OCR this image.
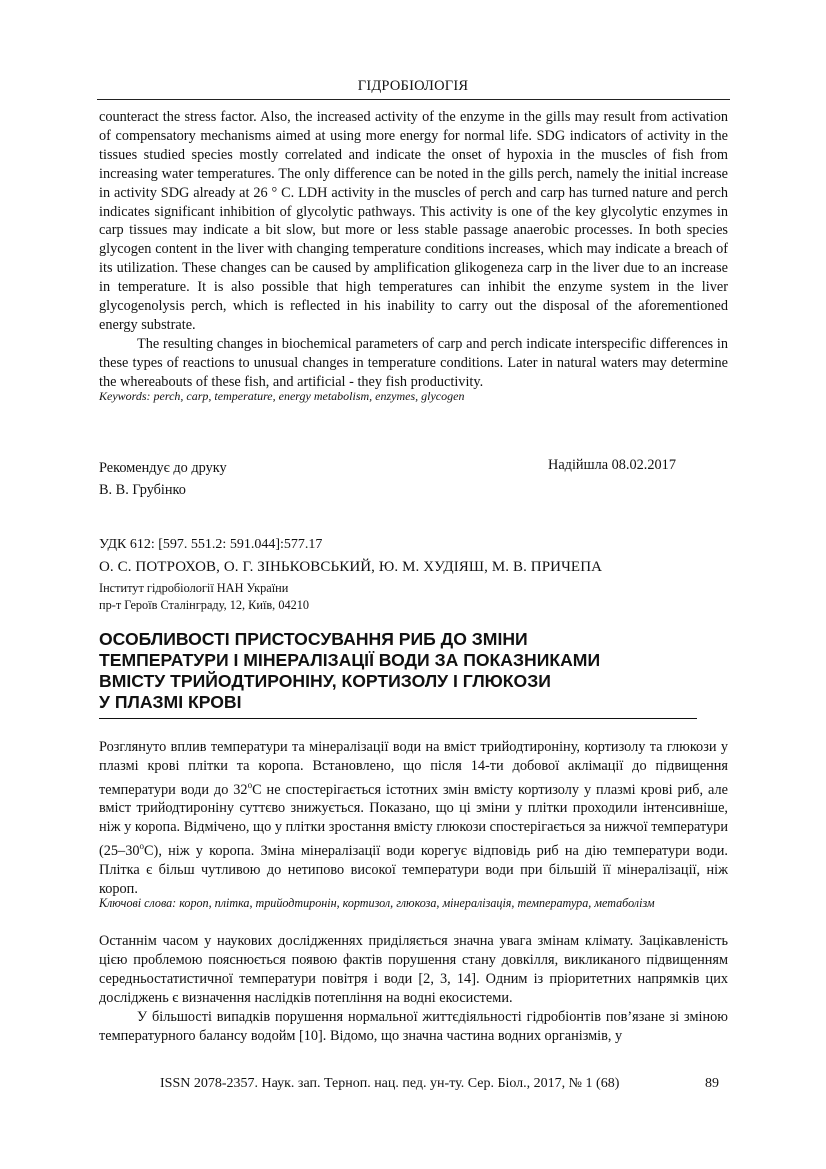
ГІДРОБІОЛОГІЯ

counteract the stress factor. Also, the increased activity of the enzyme in the gills may result from activation of compensatory mechanisms aimed at using more energy for normal life. SDG indicators of activity in the tissues studied species mostly correlated and indicate the onset of hypoxia in the muscles of fish from increasing water temperatures. The only difference can be noted in the gills perch, namely the initial increase in activity SDG already at 26 ° C. LDH activity in the muscles of perch and carp has turned nature and perch indicates significant inhibition of glycolytic pathways. This activity is one of the key glycolytic enzymes in carp tissues may indicate a bit slow, but more or less stable passage anaerobic processes. In both species glycogen content in the liver with changing temperature conditions increases, which may indicate a breach of its utilization. These changes can be caused by amplification glikogeneza carp in the liver due to an increase in temperature. It is also possible that high temperatures can inhibit the enzyme system in the liver glycogenolysis perch, which is reflected in his inability to carry out the disposal of the aforementioned energy substrate.

The resulting changes in biochemical parameters of carp and perch indicate interspecific differences in these types of reactions to unusual changes in temperature conditions. Later in natural waters may determine the whereabouts of these fish, and artificial - they fish productivity.

Keywords: perch, carp, temperature, energy metabolism, enzymes, glycogen
Рекомендує до друку
В. В. Грубінко
Надійшла 08.02.2017
УДК 612: [597. 551.2: 591.044]:577.17
О. С. ПОТРОХОВ, О. Г. ЗІНЬКОВСЬКИЙ, Ю. М. ХУДІЯШ, М. В. ПРИЧЕПА
Інститут гідробіології НАН України
пр-т Героїв Сталінграду, 12, Київ, 04210
ОСОБЛИВОСТІ ПРИСТОСУВАННЯ РИБ ДО ЗМІНИ
ТЕМПЕРАТУРИ І МІНЕРАЛІЗАЦІЇ ВОДИ ЗА ПОКАЗНИКАМИ
ВМІСТУ ТРИЙОДТИРОНІНУ, КОРТИЗОЛУ І ГЛЮКОЗИ
У ПЛАЗМІ КРОВІ

Розглянуто вплив температури та мінералізації води на вміст трийодтироніну, кортизолу та глюкози у плазмі крові плітки та коропа. Встановлено, що після 14-ти добової аклімації до підвищення температури води до 32$^o$С не спостерігається істотних змін вмісту кортизолу у плазмі крові риб, але вміст трийодтироніну суттєво знижується. Показано, що ці зміни у плітки проходили інтенсивніше, ніж у коропа. Відмічено, що у плітки зростання вмісту глюкози спостерігається за нижчої температури (25–30$^o$С), ніж у коропа. Зміна мінералізації води корегує відповідь риб на дію температури води. Плітка є більш чутливою до нетипово високої температури води при більшій її мінералізації, ніж короп.

Ключові слова: короп, плітка, трийодтиронін, кортизол, глюкоза, мінералізація, температура, метаболізм

Останнім часом у наукових дослідженнях приділяється значна увага змінам клімату. Зацікавленість цією проблемою пояснюється появою фактів порушення стану довкілля, викликаного підвищенням середньостатистичної температури повітря і води [2, 3, 14]. Одним із пріоритетних напрямків цих досліджень є визначення наслідків потепління на водні екосистеми.

У більшості випадків порушення нормальної життєдіяльності гідробіонтів пов’язане зі зміною температурного балансу водойм [10]. Відомо, що значна частина водних організмів, у

ISSN 2078-2357. Наук. зап. Терноп. нац. пед. ун-ту. Сер. Біол., 2017, № 1 (68)	89
